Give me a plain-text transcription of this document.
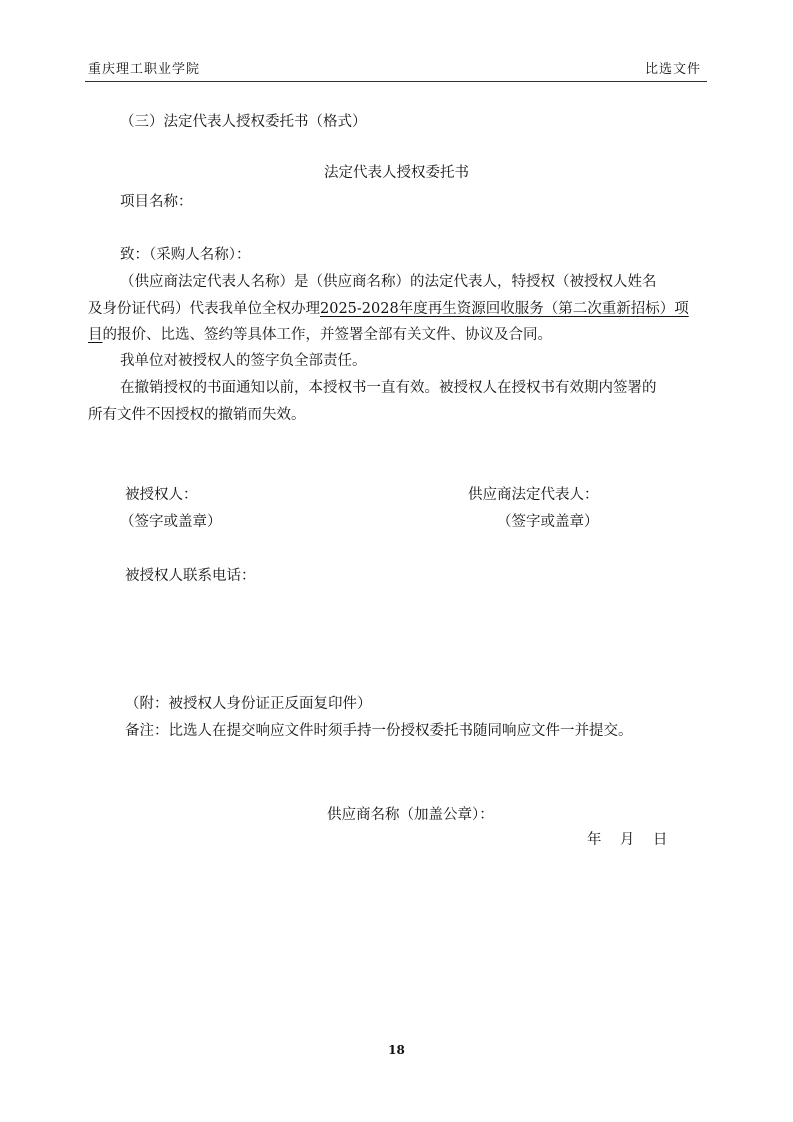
重庆理工职业学院	比选文件
（三）法定代表人授权委托书（格式）
法定代表人授权委托书
项目名称：
致：（采购人名称）：
（供应商法定代表人名称）是（供应商名称）的法定代表人，特授权（被授权人姓名
及身份证代码）代表我单位全权办理2025-2028年度再生资源回收服务（第二次重新招标）项
目的报价、比选、签约等具体工作，并签署全部有关文件、协议及合同。
我单位对被授权人的签字负全部责任。
在撤销授权的书面通知以前，本授权书一直有效。被授权人在授权书有效期内签署的
所有文件不因授权的撤销而失效。
被授权人：
（签字或盖章）
供应商法定代表人：
（签字或盖章）
被授权人联系电话：
（附：被授权人身份证正反面复印件）
备注：比选人在提交响应文件时须手持一份授权委托书随同响应文件一并提交。
供应商名称（加盖公章）：
年    月    日
18
